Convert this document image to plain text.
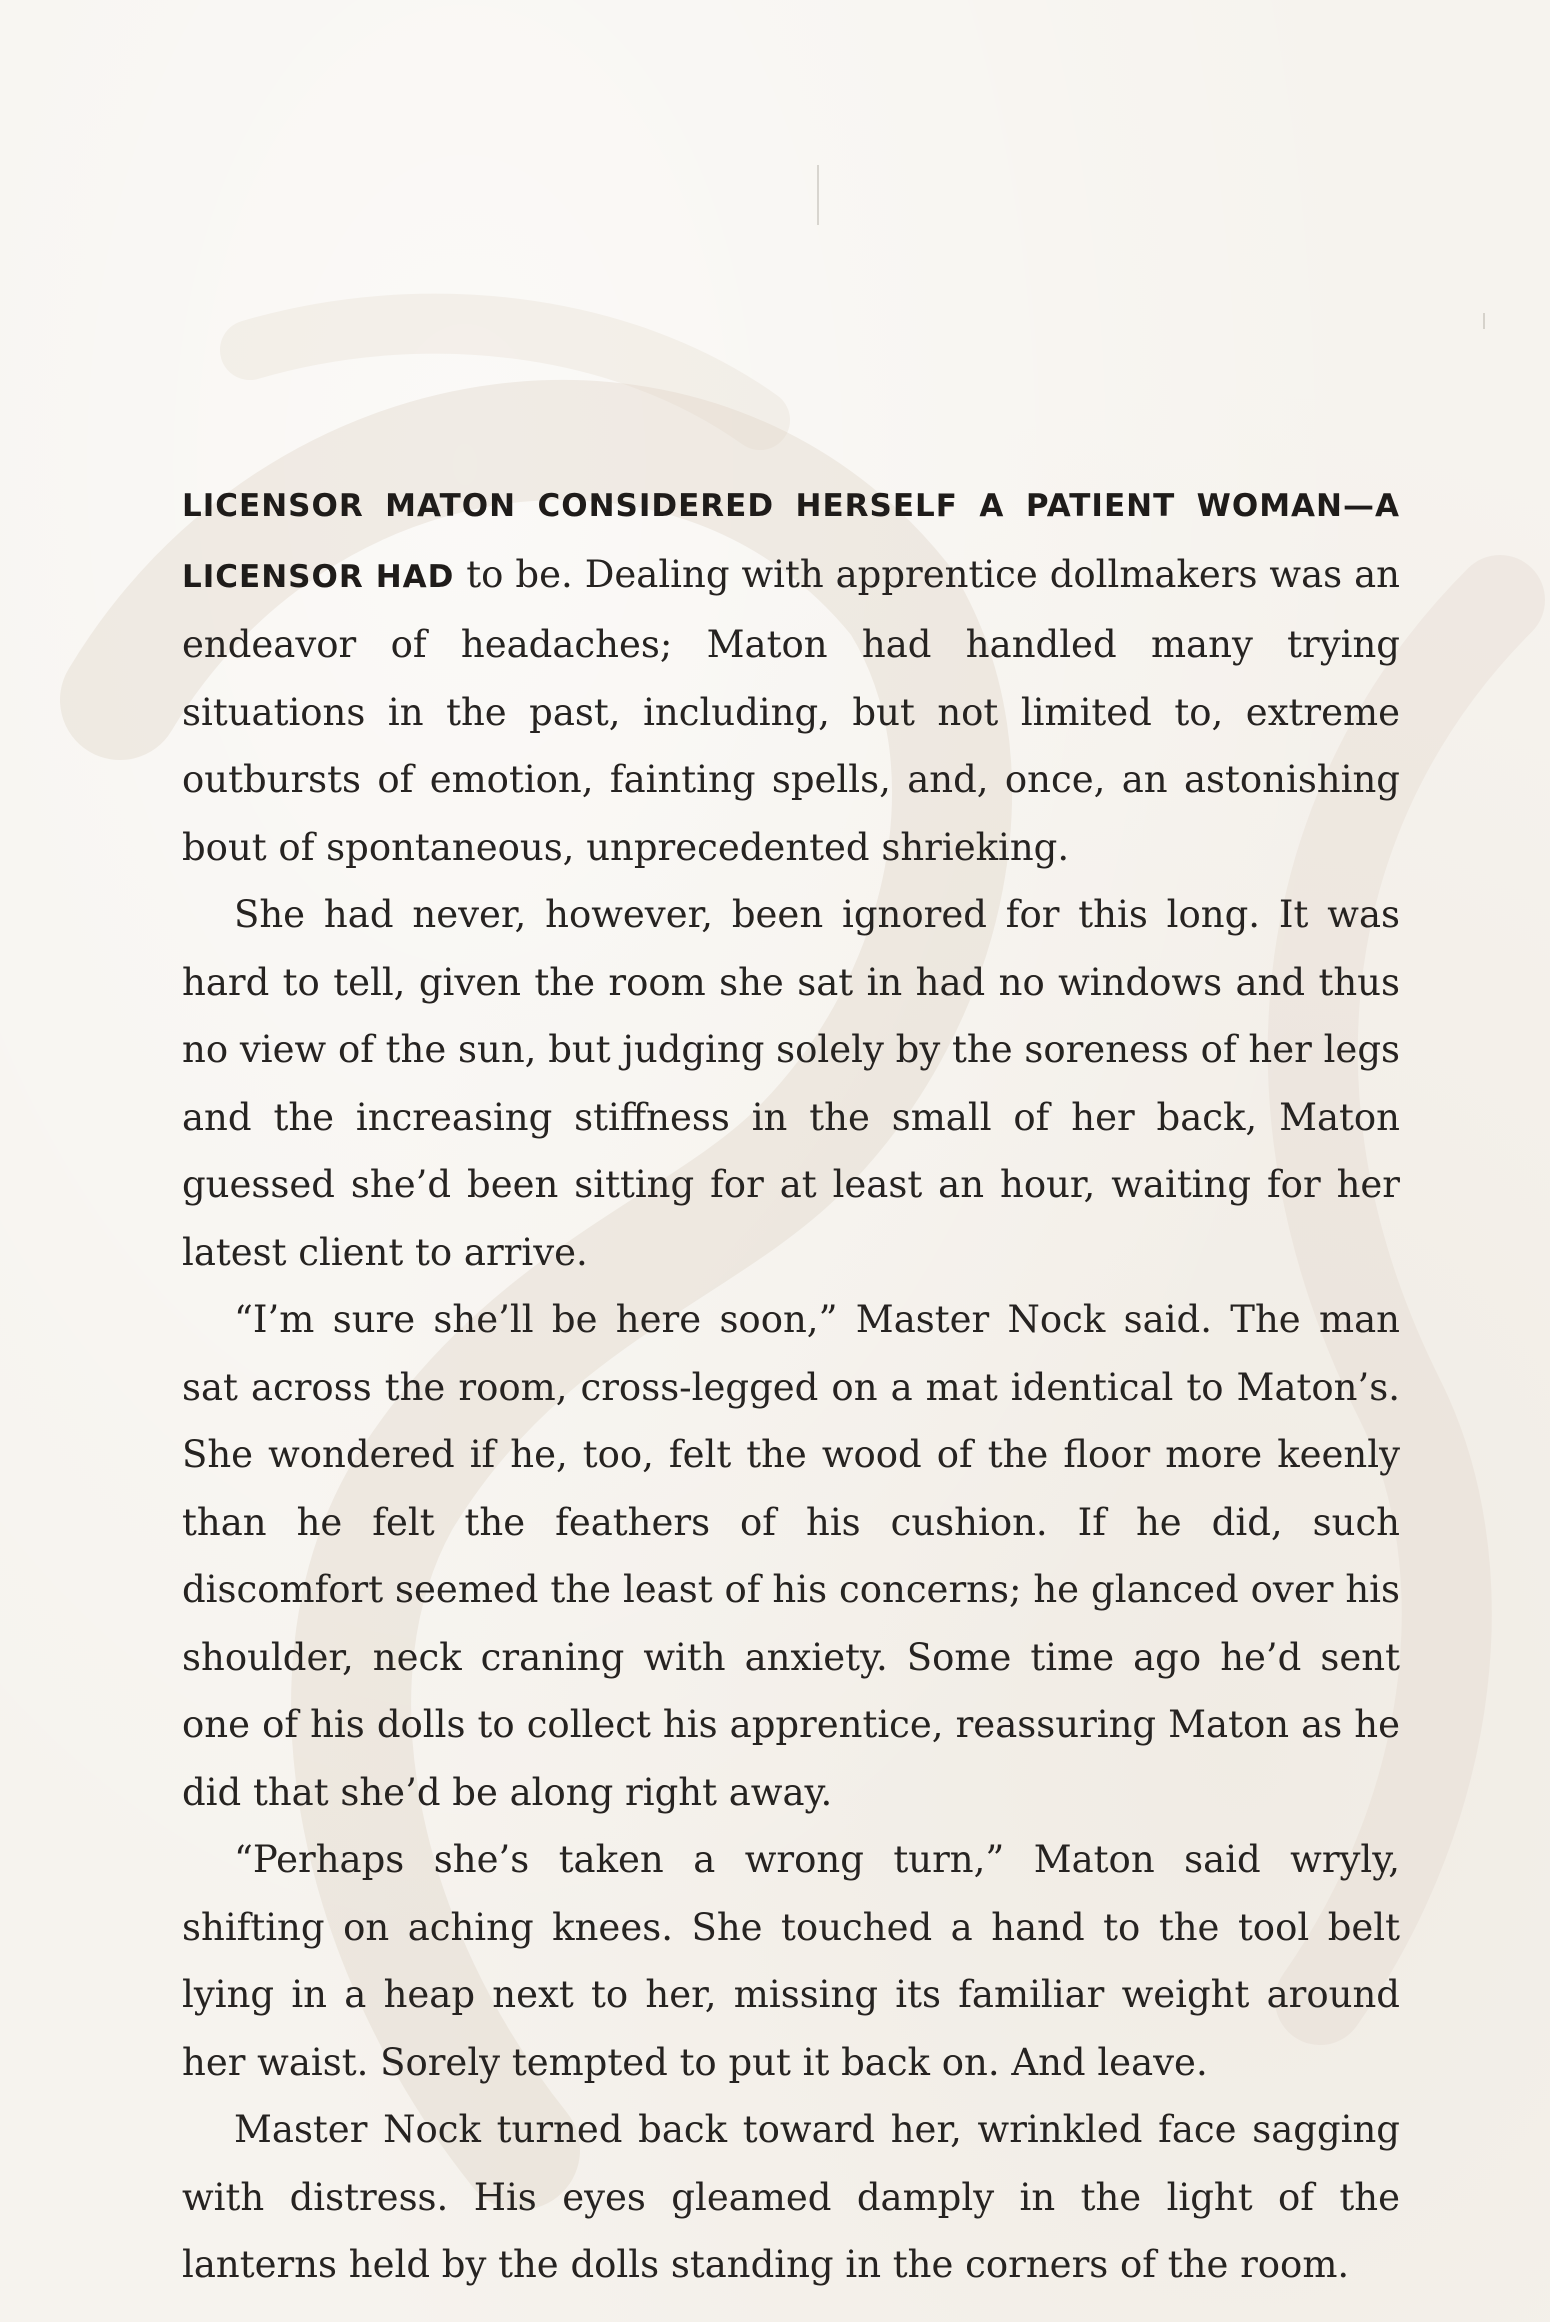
LICENSOR MATON CONSIDERED HERSELF A PATIENT WOMAN—A LICENSOR HAD to be. Dealing with apprentice dollmakers was an endeavor of headaches; Maton had handled many trying situations in the past, including, but not limited to, extreme outbursts of emotion, fainting spells, and, once, an astonishing bout of spontaneous, unprecedented shrieking.

She had never, however, been ignored for this long. It was hard to tell, given the room she sat in had no windows and thus no view of the sun, but judging solely by the soreness of her legs and the increasing stiffness in the small of her back, Maton guessed she’d been sitting for at least an hour, waiting for her latest client to arrive.

“I’m sure she’ll be here soon,” Master Nock said. The man sat across the room, cross-legged on a mat identical to Maton’s. She wondered if he, too, felt the wood of the floor more keenly than he felt the feathers of his cushion. If he did, such discomfort seemed the least of his concerns; he glanced over his shoulder, neck craning with anxiety. Some time ago he’d sent one of his dolls to collect his apprentice, reassuring Maton as he did that she’d be along right away.

“Perhaps she’s taken a wrong turn,” Maton said wryly, shifting on aching knees. She touched a hand to the tool belt lying in a heap next to her, missing its familiar weight around her waist. Sorely tempted to put it back on. And leave.

Master Nock turned back toward her, wrinkled face sagging with distress. His eyes gleamed damply in the light of the lanterns held by the dolls standing in the corners of the room.
